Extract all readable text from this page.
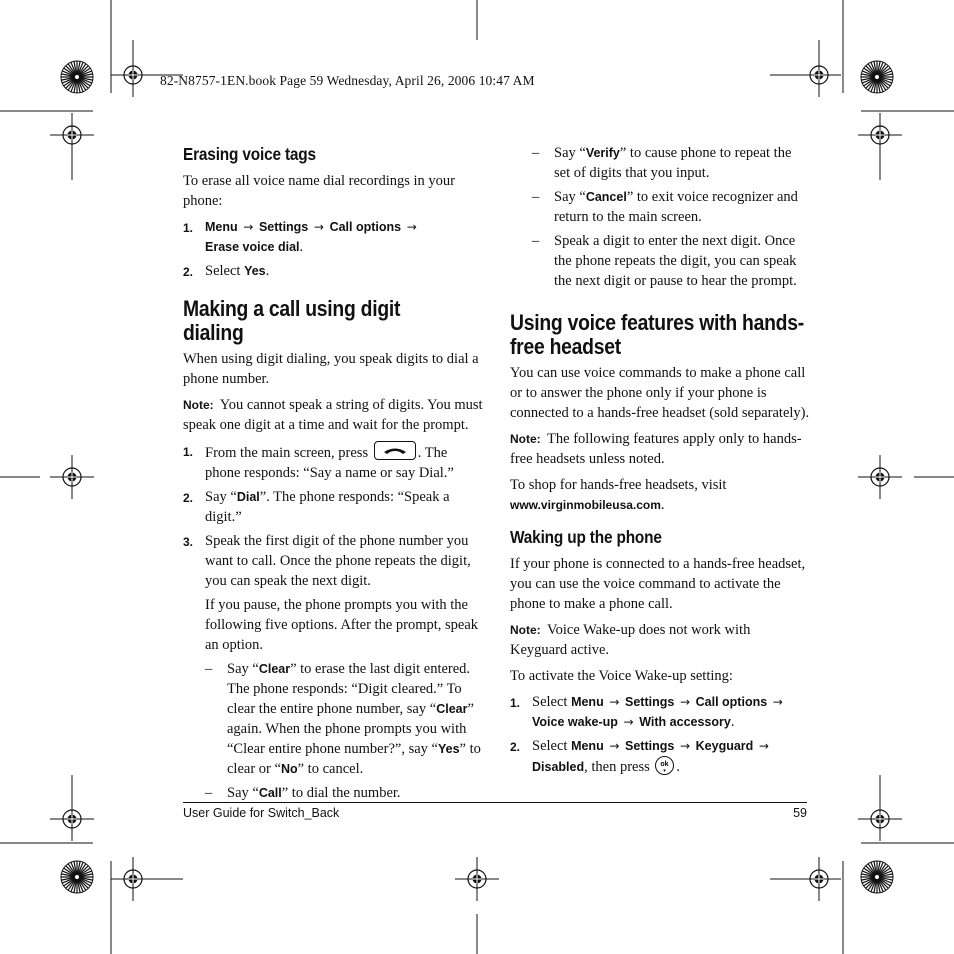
82-N8757-1EN.book Page 59 Wednesday, April 26, 2006 10:47 AM
Erasing voice tags

To erase all voice name dial recordings in your phone:

1. Menu → Settings → Call options →
Erase voice dial.
2. Select Yes.
Making a call using digit dialing

When using digit dialing, you speak digits to dial a phone number.

Note: You cannot speak a string of digits. You must speak one digit at a time and wait for the prompt.

1. From the main screen, press	. The phone responds: “Say a name or say Dial.”
2. Say “Dial”. The phone responds: “Speak a digit.”
3. Speak the first digit of the phone number you want to call. Once the phone repeats the digit, you can speak the next digit.
If you pause, the phone prompts you with the following five options. After the prompt, speak an option.
– Say “Clear” to erase the last digit entered. The phone responds: “Digit cleared.” To clear the entire phone number, say “Clear” again. When the phone prompts you with “Clear entire phone number?”, say “Yes” to clear or “No” to cancel.
– Say “Call” to dial the number.
– Say “Verify” to cause phone to repeat the set of digits that you input.
– Say “Cancel” to exit voice recognizer and return to the main screen.
– Speak a digit to enter the next digit. Once the phone repeats the digit, you can speak the next digit or pause to hear the prompt.
Using voice features with hands-free headset

You can use voice commands to make a phone call or to answer the phone only if your phone is connected to a hands-free headset (sold separately).

Note: The following features apply only to hands-free headsets unless noted.

To shop for hands-free headsets, visit
www.virginmobileusa.com.

Waking up the phone

If your phone is connected to a hands-free headset, you can use the voice command to activate the phone to make a phone call.

Note: Voice Wake-up does not work with Keyguard active.

To activate the Voice Wake-up setting:

1. Select Menu → Settings → Call options →
Voice wake-up → With accessory.
2. Select Menu → Settings → Keyguard →
Disabled, then press ok
▾ .
User Guide for Switch_Back	59
